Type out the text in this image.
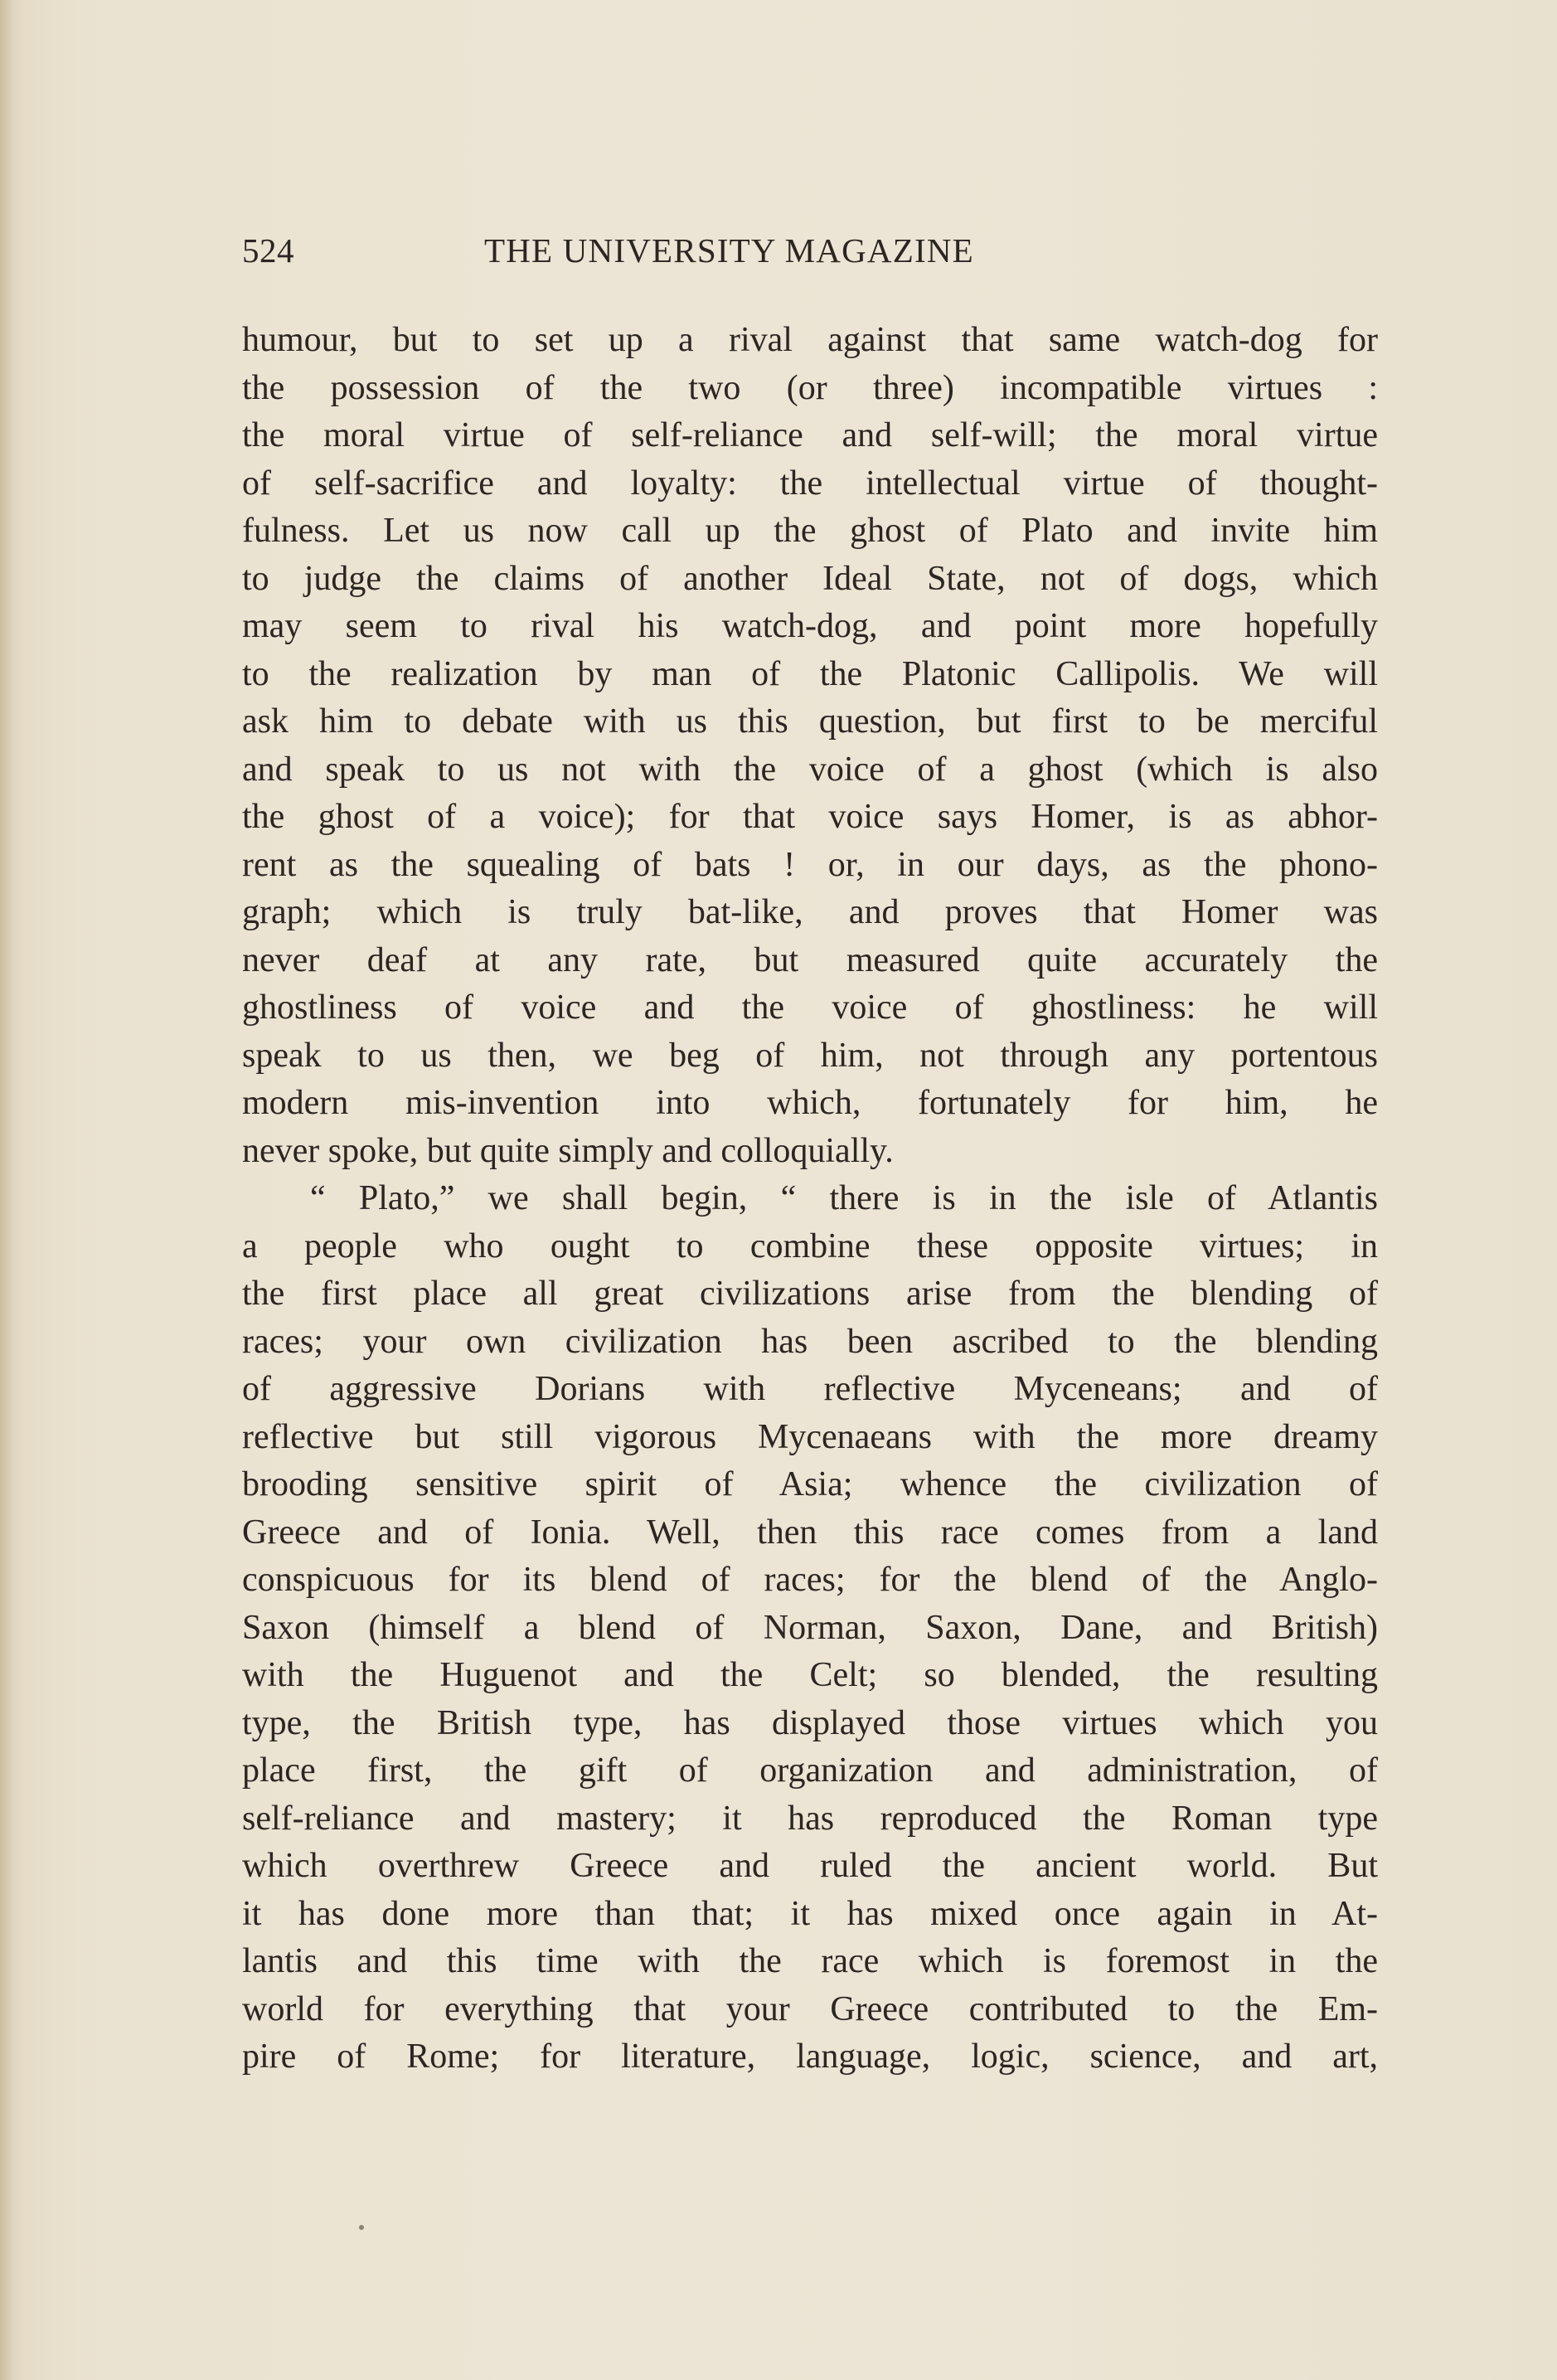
524	THE UNIVERSITY MAGAZINE
humour, but to set up a rival against that same watch-dog for
the possession of the two (or three) incompatible virtues :
the moral virtue of self-reliance and self-will; the moral virtue
of self-sacrifice and loyalty: the intellectual virtue of thought-
fulness. Let us now call up the ghost of Plato and invite him
to judge the claims of another Ideal State, not of dogs, which
may seem to rival his watch-dog, and point more hopefully
to the realization by man of the Platonic Callipolis. We will
ask him to debate with us this question, but first to be merciful
and speak to us not with the voice of a ghost (which is also
the ghost of a voice); for that voice says Homer, is as abhor-
rent as the squealing of bats ! or, in our days, as the phono-
graph; which is truly bat-like, and proves that Homer was
never deaf at any rate, but measured quite accurately the
ghostliness of voice and the voice of ghostliness: he will
speak to us then, we beg of him, not through any portentous
modern mis-invention into which, fortunately for him, he
never spoke, but quite simply and colloquially.
“ Plato,” we shall begin, “ there is in the isle of Atlantis
a people who ought to combine these opposite virtues; in
the first place all great civilizations arise from the blending of
races; your own civilization has been ascribed to the blending
of aggressive Dorians with reflective Myceneans; and of
reflective but still vigorous Mycenaeans with the more dreamy
brooding sensitive spirit of Asia; whence the civilization of
Greece and of Ionia. Well, then this race comes from a land
conspicuous for its blend of races; for the blend of the Anglo-
Saxon (himself a blend of Norman, Saxon, Dane, and British)
with the Huguenot and the Celt; so blended, the resulting
type, the British type, has displayed those virtues which you
place first, the gift of organization and administration, of
self-reliance and mastery; it has reproduced the Roman type
which overthrew Greece and ruled the ancient world. But
it has done more than that; it has mixed once again in At-
lantis and this time with the race which is foremost in the
world for everything that your Greece contributed to the Em-
pire of Rome; for literature, language, logic, science, and art,
